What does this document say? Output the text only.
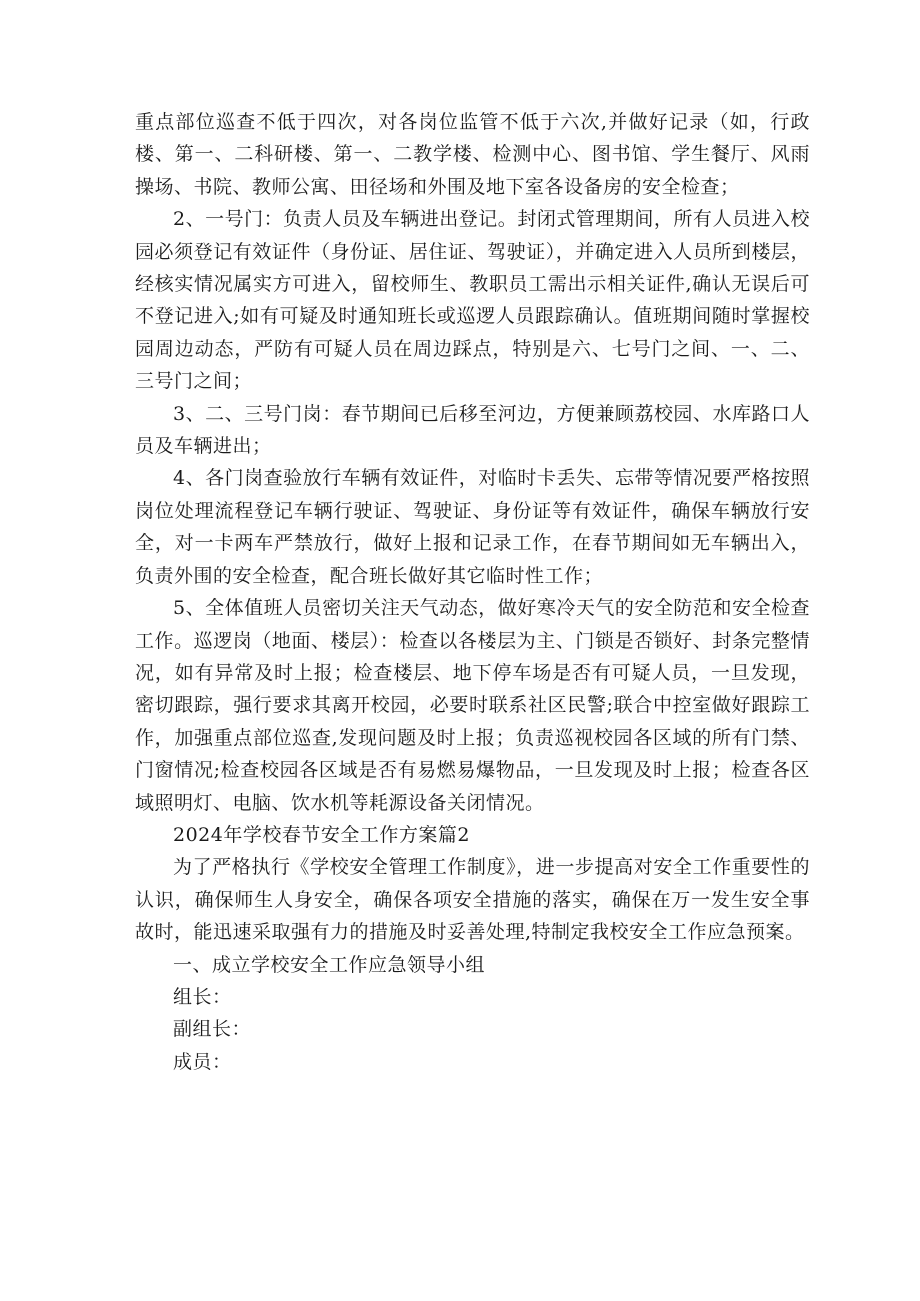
重点部位巡查不低于四次，对各岗位监管不低于六次,并做好记录（如，行政楼、第一、二科研楼、第一、二教学楼、检测中心、图书馆、学生餐厅、风雨操场、书院、教师公寓、田径场和外围及地下室各设备房的安全检查；

2、一号门：负责人员及车辆进出登记。封闭式管理期间，所有人员进入校园必须登记有效证件（身份证、居住证、驾驶证），并确定进入人员所到楼层，经核实情况属实方可进入，留校师生、教职员工需出示相关证件,确认无误后可不登记进入;如有可疑及时通知班长或巡逻人员跟踪确认。值班期间随时掌握校园周边动态，严防有可疑人员在周边踩点，特别是六、七号门之间、一、二、三号门之间；

3、二、三号门岗：春节期间已后移至河边，方便兼顾荔校园、水库路口人员及车辆进出；

4、各门岗查验放行车辆有效证件，对临时卡丢失、忘带等情况要严格按照岗位处理流程登记车辆行驶证、驾驶证、身份证等有效证件，确保车辆放行安全，对一卡两车严禁放行，做好上报和记录工作，在春节期间如无车辆出入，负责外围的安全检查，配合班长做好其它临时性工作；

5、全体值班人员密切关注天气动态，做好寒冷天气的安全防范和安全检查工作。巡逻岗（地面、楼层）：检查以各楼层为主、门锁是否锁好、封条完整情况，如有异常及时上报；检查楼层、地下停车场是否有可疑人员，一旦发现，密切跟踪，强行要求其离开校园，必要时联系社区民警;联合中控室做好跟踪工作，加强重点部位巡查,发现问题及时上报；负责巡视校园各区域的所有门禁、门窗情况;检查校园各区域是否有易燃易爆物品，一旦发现及时上报；检查各区域照明灯、电脑、饮水机等耗源设备关闭情况。

2024年学校春节安全工作方案篇2

为了严格执行《学校安全管理工作制度》，进一步提高对安全工作重要性的认识，确保师生人身安全，确保各项安全措施的落实，确保在万一发生安全事故时，能迅速采取强有力的措施及时妥善处理,特制定我校安全工作应急预案。

一、成立学校安全工作应急领导小组

组长：

副组长：

成员：
